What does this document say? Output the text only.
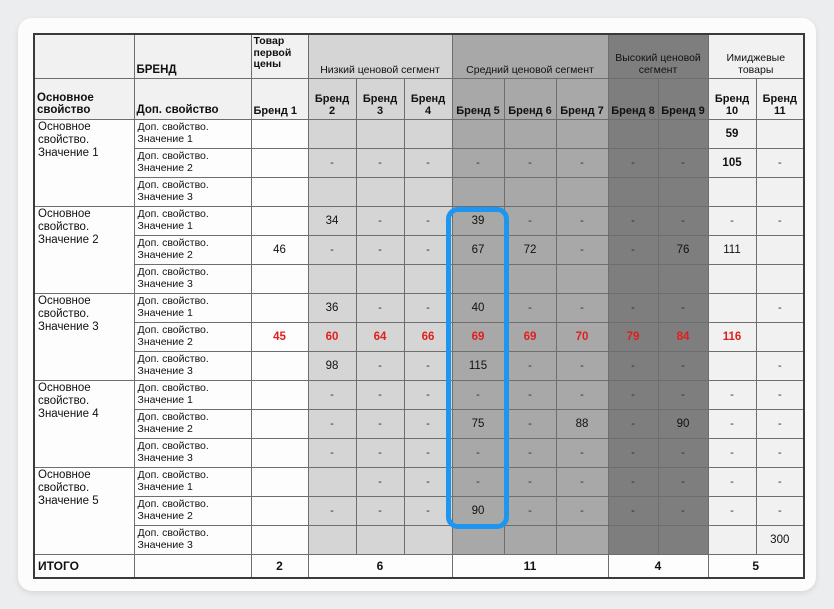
	БРЕНД	Товар первой цены	Низкий ценовой сегмент			Средний ценовой сегмент			Высокий ценовой сегмент		Имиджевые товары	
Основное свойство	Доп. свойство	Бренд 1	Бренд 2	Бренд 3	Бренд 4	Бренд 5	Бренд 6	Бренд 7	Бренд 8	Бренд 9	Бренд 10	Бренд 11
Основное свойство. Значение 1	Доп. свойство. Значение 1										59	
	Доп. свойство. Значение 2		-	-	-	-	-	-	-	-	105	-
	Доп. свойство. Значение 3											
Основное свойство. Значение 2	Доп. свойство. Значение 1		34	-	-	39	-	-	-	-	-	-
	Доп. свойство. Значение 2	46	-	-	-	67	72	-	-	76	111	
	Доп. свойство. Значение 3											
Основное свойство. Значение 3	Доп. свойство. Значение 1		36	-	-	40	-	-	-	-		-
	Доп. свойство. Значение 2	45	60	64	66	69	69	70	79	84	116	
	Доп. свойство. Значение 3		98	-	-	115	-	-	-	-		-
Основное свойство. Значение 4	Доп. свойство. Значение 1		-	-	-	-	-	-	-	-	-	-
	Доп. свойство. Значение 2		-	-	-	75	-	88	-	90	-	-
	Доп. свойство. Значение 3		-	-	-	-	-	-	-	-	-	-
Основное свойство. Значение 5	Доп. свойство. Значение 1			-	-	-	-	-	-	-	-	-
	Доп. свойство. Значение 2		-	-	-	90	-	-	-	-	-	-
	Доп. свойство. Значение 3											300
ИТОГО		2	6			11			4		5	
